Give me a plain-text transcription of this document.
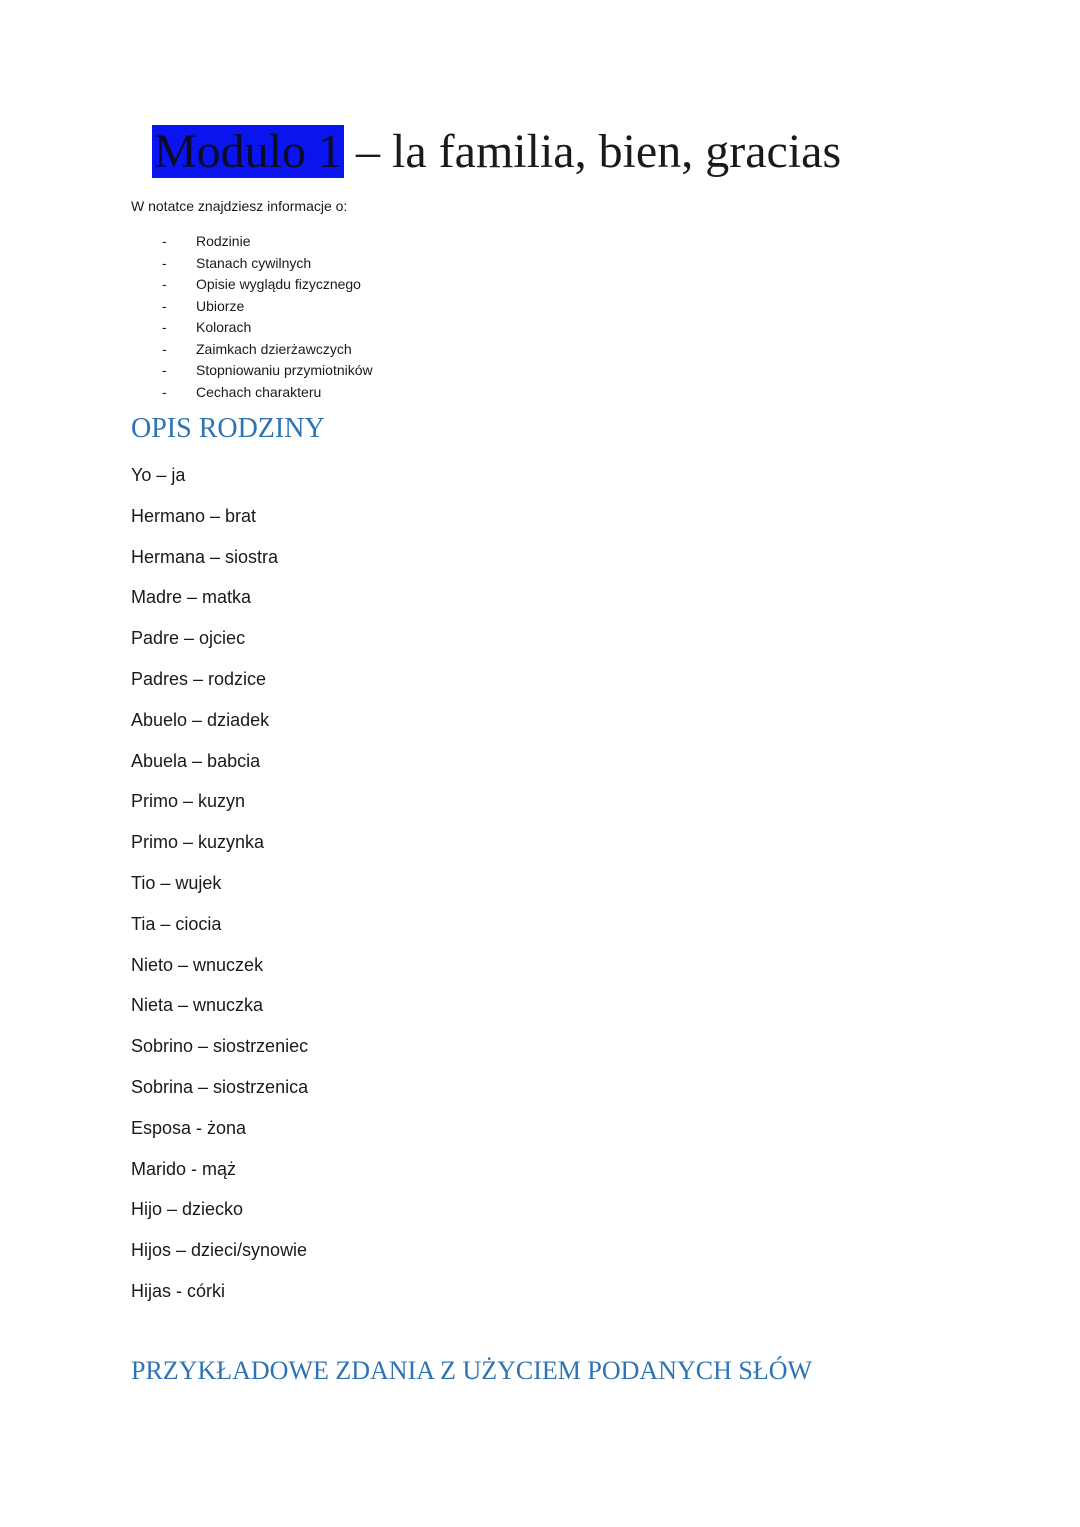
Modulo 1 – la familia, bien, gracias
W notatce znajdziesz informacje o:
- Rodzinie
- Stanach cywilnych
- Opisie wyglądu fizycznego
- Ubiorze
- Kolorach
- Zaimkach dzierżawczych
- Stopniowaniu przymiotników
- Cechach charakteru
OPIS RODZINY
Yo – ja
Hermano – brat
Hermana – siostra
Madre – matka
Padre – ojciec
Padres – rodzice
Abuelo – dziadek
Abuela – babcia
Primo – kuzyn
Primo – kuzynka
Tio – wujek
Tia – ciocia
Nieto – wnuczek
Nieta – wnuczka
Sobrino – siostrzeniec
Sobrina – siostrzenica
Esposa - żona
Marido - mąż
Hijo – dziecko
Hijos – dzieci/synowie
Hijas - córki
PRZYKŁADOWE ZDANIA Z UŻYCIEM PODANYCH SŁÓW
